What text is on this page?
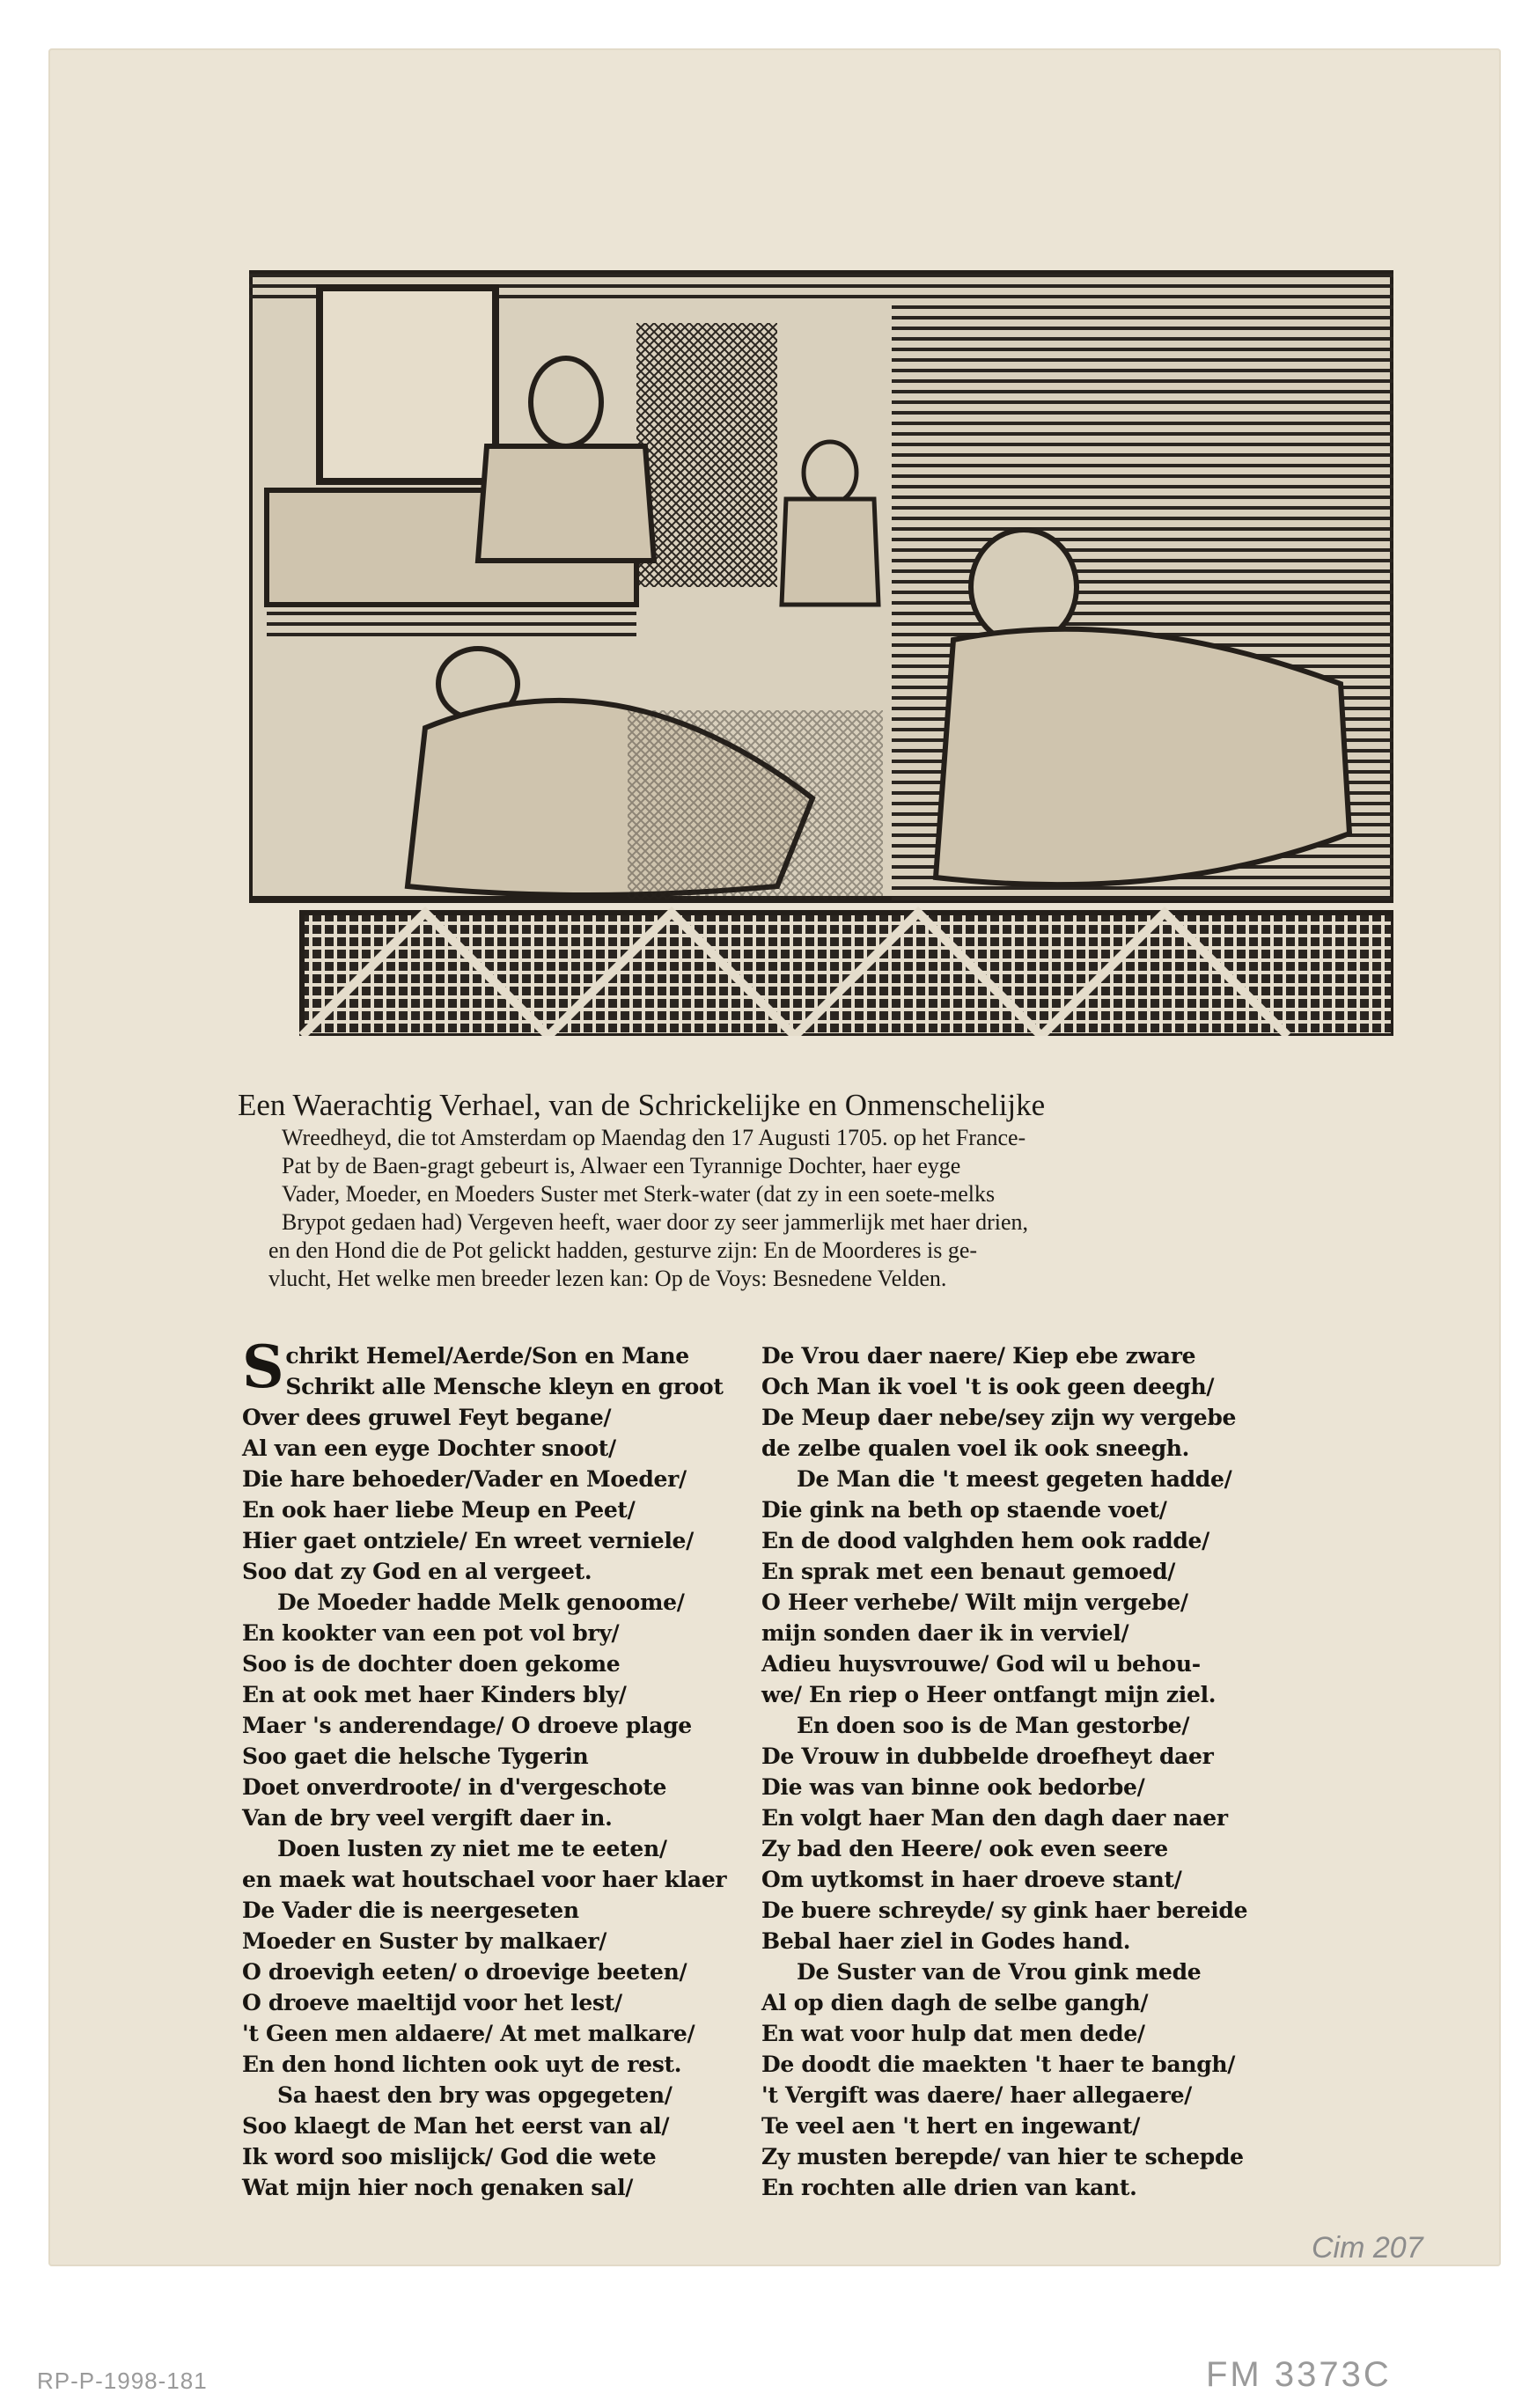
Een Waerachtig Verhael, van de Schrickelijke en Onmenschelijke
Wreedheyd, die tot Amsterdam op Maendag den 17 Augusti 1705. op het France-
Pat by de Baen-gragt gebeurt is, Alwaer een Tyrannige Dochter, haer eyge
Vader, Moeder, en Moeders Suster met Sterk-water (dat zy in een soete-melks
Brypot gedaen had) Vergeven heeft, waer door zy seer jammerlijk met haer drien,
en den Hond die de Pot gelickt hadden, gesturve zijn: En de Moorderes is ge-
vlucht, Het welke men breeder lezen kan: Op de Voys: Besnedene Velden.
Schrikt Hemel/Aerde/Son en Mane
Schrikt alle Mensche kleyn en groot
Over dees gruwel Feyt begane/
Al van een eyge Dochter snoot/
Die hare behoeder/Vader en Moeder/
En ook haer liebe Meup en Peet/
Hier gaet ontziele/ En wreet verniele/
Soo dat zy God en al vergeet.
De Moeder hadde Melk genoome/
En kookter van een pot vol bry/
Soo is de dochter doen gekome
En at ook met haer Kinders bly/
Maer 's anderendage/ O droeve plage
Soo gaet die helsche Tygerin
Doet onverdroote/ in d'vergeschote
Van de bry veel vergift daer in.
Doen lusten zy niet me te eeten/
en maek wat houtschael voor haer klaer
De Vader die is neergeseten
Moeder en Suster by malkaer/
O droevigh eeten/ o droevige beeten/
O droeve maeltijd voor het lest/
't Geen men aldaere/ At met malkare/
En den hond lichten ook uyt de rest.
Sa haest den bry was opgegeten/
Soo klaegt de Man het eerst van al/
Ik word soo mislijck/ God die wete
Wat mijn hier noch genaken sal/
De Vrou daer naere/ Kiep ebe zware
Och Man ik voel 't is ook geen deegh/
De Meup daer nebe/sey zijn wy vergebe
de zelbe qualen voel ik ook sneegh.
De Man die 't meest gegeten hadde/
Die gink na beth op staende voet/
En de dood valghden hem ook radde/
En sprak met een benaut gemoed/
O Heer verhebe/ Wilt mijn vergebe/
mijn sonden daer ik in verviel/
Adieu huysvrouwe/ God wil u behou-
we/ En riep o Heer ontfangt mijn ziel.
En doen soo is de Man gestorbe/
De Vrouw in dubbelde droefheyt daer
Die was van binne ook bedorbe/
En volgt haer Man den dagh daer naer
Zy bad den Heere/ ook even seere
Om uytkomst in haer droeve stant/
De buere schreyde/ sy gink haer bereide
Bebal haer ziel in Godes hand.
De Suster van de Vrou gink mede
Al op dien dagh de selbe gangh/
En wat voor hulp dat men dede/
De doodt die maekten 't haer te bangh/
't Vergift was daere/ haer allegaere/
Te veel aen 't hert en ingewant/
Zy musten berepde/ van hier te schepde
En rochten alle drien van kant.
Cim 207
RP-P-1998-181	FM 3373C
